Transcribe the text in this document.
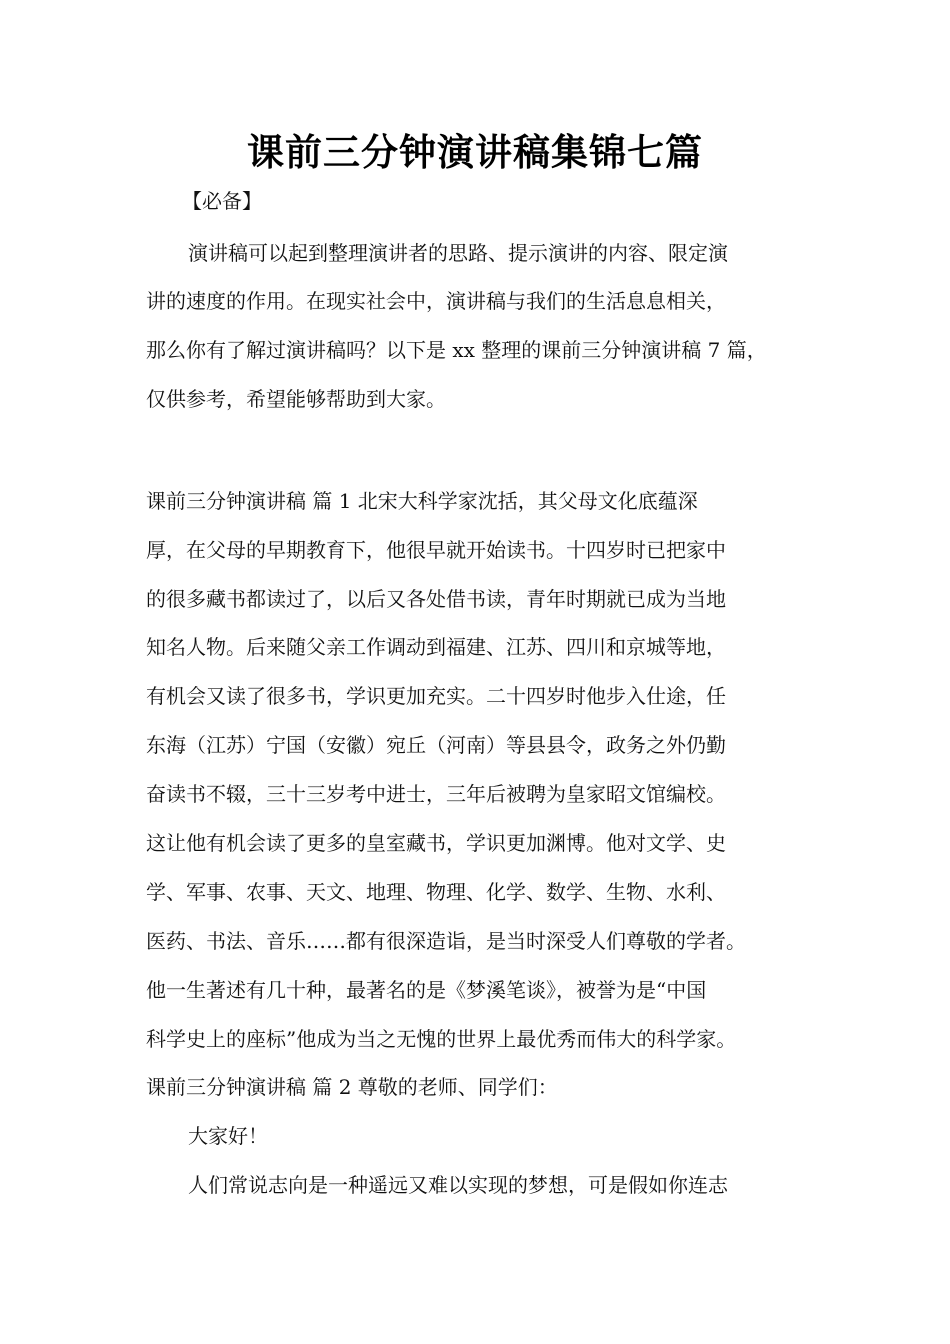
课前三分钟演讲稿集锦七篇

【必备】

演讲稿可以起到整理演讲者的思路、提示演讲的内容、限定演

讲的速度的作用。在现实社会中，演讲稿与我们的生活息息相关，

那么你有了解过演讲稿吗？以下是 xx 整理的课前三分钟演讲稿 7 篇，

仅供参考，希望能够帮助到大家。

课前三分钟演讲稿 篇 1 北宋大科学家沈括，其父母文化底蕴深

厚，在父母的早期教育下，他很早就开始读书。十四岁时已把家中

的很多藏书都读过了，以后又各处借书读，青年时期就已成为当地

知名人物。后来随父亲工作调动到福建、江苏、四川和京城等地，

有机会又读了很多书，学识更加充实。二十四岁时他步入仕途，任

东海（江苏）宁国（安徽）宛丘（河南）等县县令，政务之外仍勤

奋读书不辍，三十三岁考中进士，三年后被聘为皇家昭文馆编校。

这让他有机会读了更多的皇室藏书，学识更加渊博。他对文学、史

学、军事、农事、天文、地理、物理、化学、数学、生物、水利、

医药、书法、音乐……都有很深造诣，是当时深受人们尊敬的学者。

他一生著述有几十种，最著名的是《梦溪笔谈》，被誉为是“中国

科学史上的座标”他成为当之无愧的世界上最优秀而伟大的科学家。

课前三分钟演讲稿 篇 2 尊敬的老师、同学们：

大家好！

人们常说志向是一种遥远又难以实现的梦想，可是假如你连志
